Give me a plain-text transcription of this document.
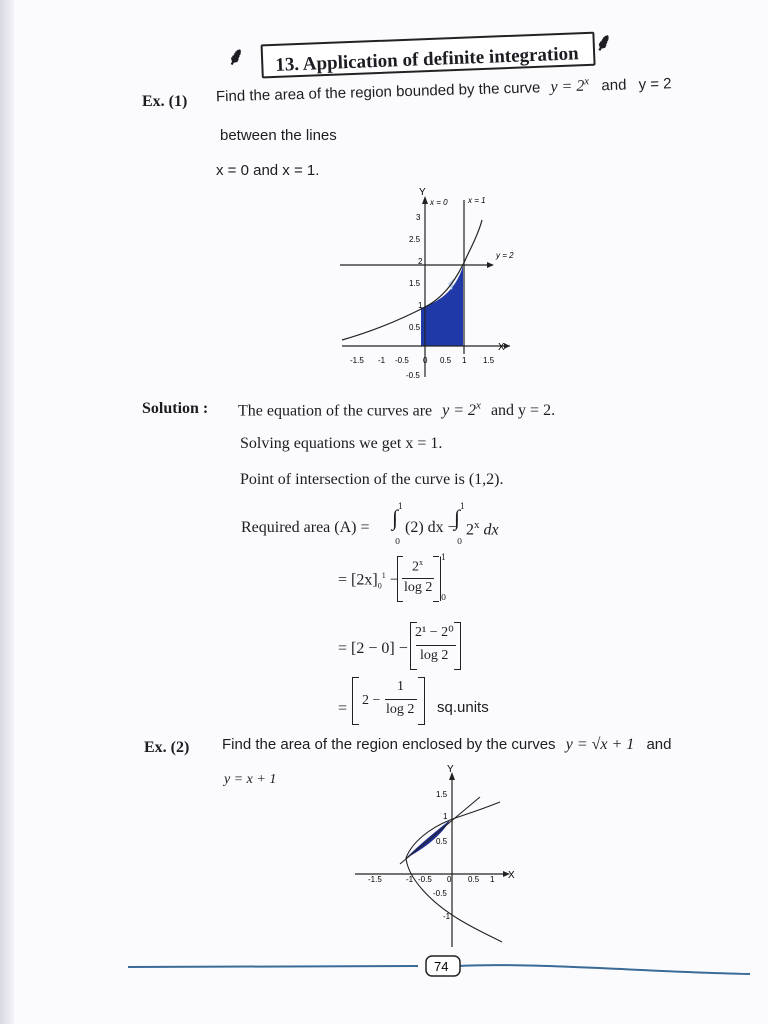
⸙ 13. Application of definite integration
⸙
Ex. (1) Find the area of the region bounded by the curve $y = 2^x$ and y = 2
between the lines
x = 0 and x = 1.
Y
X
x = 0	x = 1
y = 2
3
2.5
2
1.5
1
0.5
-0.5
-1.5 -1 -0.5 0 0.5 1 1.5
Solution : The equation of the curves are $y = 2^x$ and y = 2.
Solving equations we get x = 1.
Point of intersection of the curve is (1,2).
Required area (A) = ∫ 1
0
(2) dx −
∫ 1
0
2$^x$ dx
= $[2x]_0^1$ −
$2^x$
log 2
1
0
= [2 − 0] −
2¹ − 2⁰
log 2
= 2 −
1
log 2 sq.units
Ex. (2) Find the area of the region enclosed by the curves y = √x + 1 and
y = x + 1
Y
X
1.5
1
0.5
-0.5
-1
-1.5	-1 -0.5 0 0.5 1
74
